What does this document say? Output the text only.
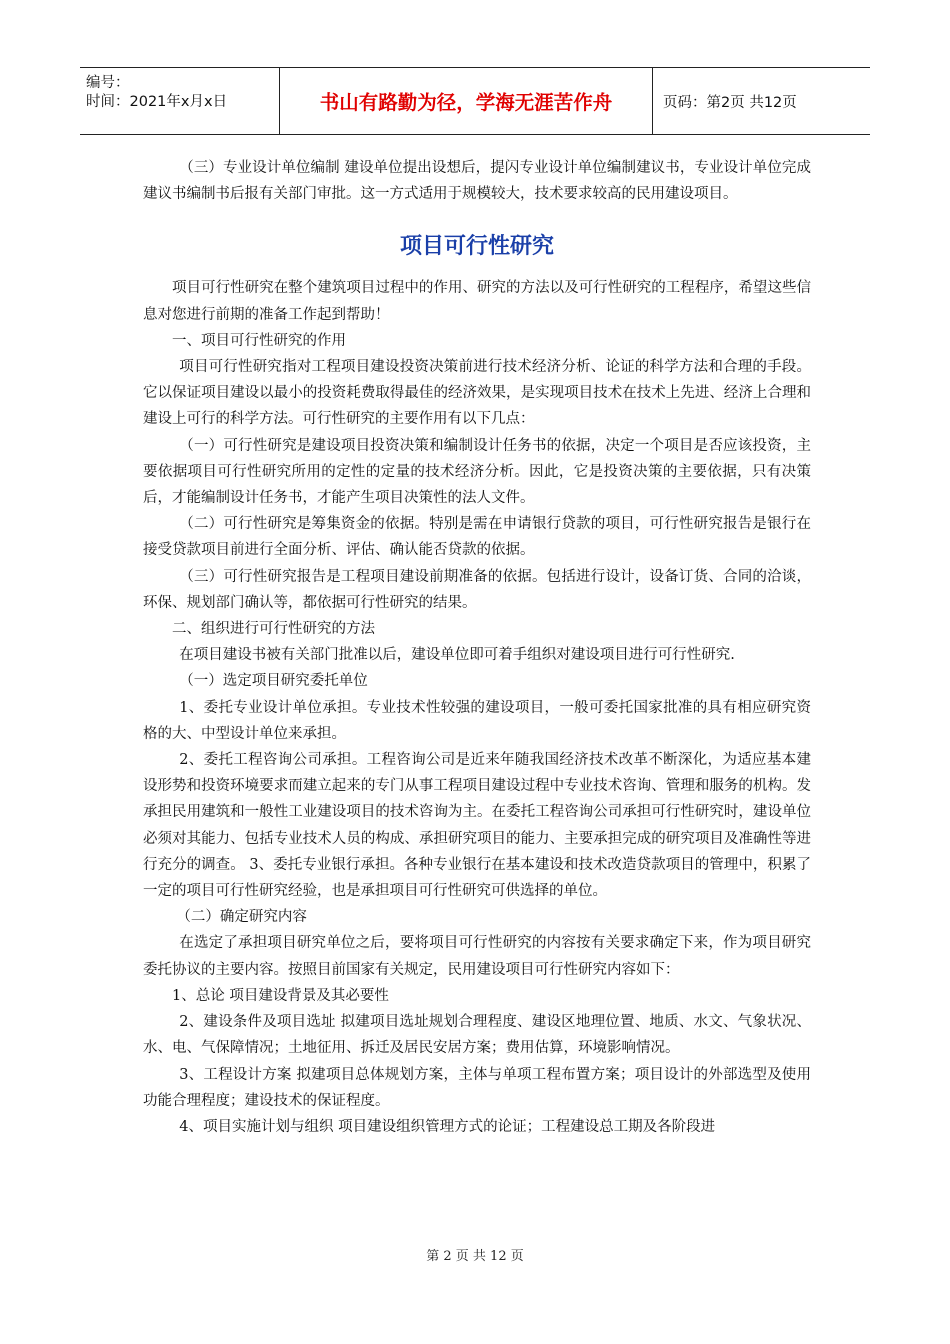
编号：
时间：2021年x月x日	书山有路勤为径，学海无涯苦作舟	页码：第2页 共12页

（三）专业设计单位编制 建设单位提出设想后，提闪专业设计单位编制建议书，专业设计单位完成建议书编制书后报有关部门审批。这一方式适用于规模较大，技术要求较高的民用建设项目。

项目可行性研究

项目可行性研究在整个建筑项目过程中的作用、研究的方法以及可行性研究的工程程序，希望这些信息对您进行前期的准备工作起到帮助！

一、项目可行性研究的作用

项目可行性研究指对工程项目建设投资决策前进行技术经济分析、论证的科学方法和合理的手段。它以保证项目建设以最小的投资耗费取得最佳的经济效果，是实现项目技术在技术上先进、经济上合理和建设上可行的科学方法。可行性研究的主要作用有以下几点：

（一）可行性研究是建设项目投资决策和编制设计任务书的依据，决定一个项目是否应该投资，主要依据项目可行性研究所用的定性的定量的技术经济分析。因此，它是投资决策的主要依据，只有决策后，才能编制设计任务书，才能产生项目决策性的法人文件。

（二）可行性研究是筹集资金的依据。特别是需在申请银行贷款的项目，可行性研究报告是银行在接受贷款项目前进行全面分析、评估、确认能否贷款的依据。

（三）可行性研究报告是工程项目建设前期准备的依据。包括进行设计，设备订货、合同的洽谈，环保、规划部门确认等，都依据可行性研究的结果。

二、组织进行可行性研究的方法

在项目建设书被有关部门批准以后，建设单位即可着手组织对建设项目进行可行性研究.

（一）选定项目研究委托单位

1、委托专业设计单位承担。专业技术性较强的建设项目，一般可委托国家批准的具有相应研究资格的大、中型设计单位来承担。

2、委托工程咨询公司承担。工程咨询公司是近来年随我国经济技术改革不断深化，为适应基本建设形势和投资环境要求而建立起来的专门从事工程项目建设过程中专业技术咨询、管理和服务的机构。发承担民用建筑和一般性工业建设项目的技术咨询为主。在委托工程咨询公司承担可行性研究时，建设单位必须对其能力、包括专业技术人员的构成、承担研究项目的能力、主要承担完成的研究项目及准确性等进行充分的调查。 3、委托专业银行承担。各种专业银行在基本建设和技术改造贷款项目的管理中，积累了一定的项目可行性研究经验，也是承担项目可行性研究可供选择的单位。

（二）确定研究内容

在选定了承担项目研究单位之后，要将项目可行性研究的内容按有关要求确定下来，作为项目研究委托协议的主要内容。按照目前国家有关规定，民用建设项目可行性研究内容如下：

1、总论 项目建设背景及其必要性

2、建设条件及项目选址 拟建项目选址规划合理程度、建设区地理位置、地质、水文、气象状况、水、电、气保障情况；土地征用、拆迁及居民安居方案；费用估算，环境影响情况。

3、工程设计方案 拟建项目总体规划方案，主体与单项工程布置方案；项目设计的外部选型及使用功能合理程度；建设技术的保证程度。

4、项目实施计划与组织 项目建设组织管理方式的论证；工程建设总工期及各阶段进

第 2 页 共 12 页
